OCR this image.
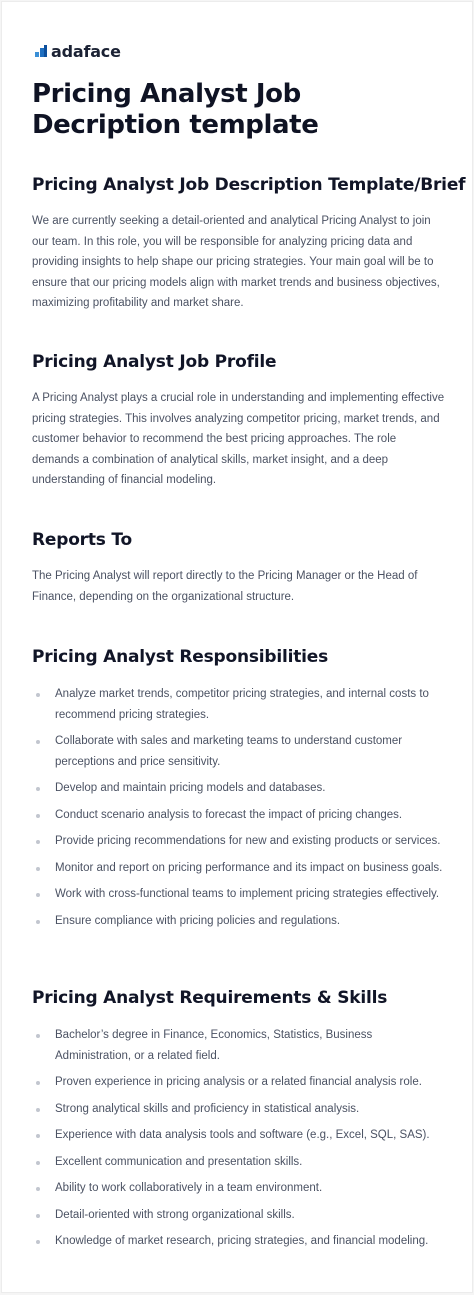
adaface
Pricing Analyst Job Decription template
Pricing Analyst Job Description Template/Brief

We are currently seeking a detail-oriented and analytical Pricing Analyst to join our team. In this role, you will be responsible for analyzing pricing data and providing insights to help shape our pricing strategies. Your main goal will be to ensure that our pricing models align with market trends and business objectives, maximizing profitability and market share.

Pricing Analyst Job Profile

A Pricing Analyst plays a crucial role in understanding and implementing effective pricing strategies. This involves analyzing competitor pricing, market trends, and customer behavior to recommend the best pricing approaches. The role demands a combination of analytical skills, market insight, and a deep understanding of financial modeling.

Reports To

The Pricing Analyst will report directly to the Pricing Manager or the Head of Finance, depending on the organizational structure.

Pricing Analyst Responsibilities
Analyze market trends, competitor pricing strategies, and internal costs to recommend pricing strategies.
Collaborate with sales and marketing teams to understand customer perceptions and price sensitivity.
Develop and maintain pricing models and databases.
Conduct scenario analysis to forecast the impact of pricing changes.
Provide pricing recommendations for new and existing products or services.
Monitor and report on pricing performance and its impact on business goals.
Work with cross-functional teams to implement pricing strategies effectively.
Ensure compliance with pricing policies and regulations.
Pricing Analyst Requirements & Skills
Bachelor’s degree in Finance, Economics, Statistics, Business Administration, or a related field.
Proven experience in pricing analysis or a related financial analysis role.
Strong analytical skills and proficiency in statistical analysis.
Experience with data analysis tools and software (e.g., Excel, SQL, SAS).
Excellent communication and presentation skills.
Ability to work collaboratively in a team environment.
Detail-oriented with strong organizational skills.
Knowledge of market research, pricing strategies, and financial modeling.
